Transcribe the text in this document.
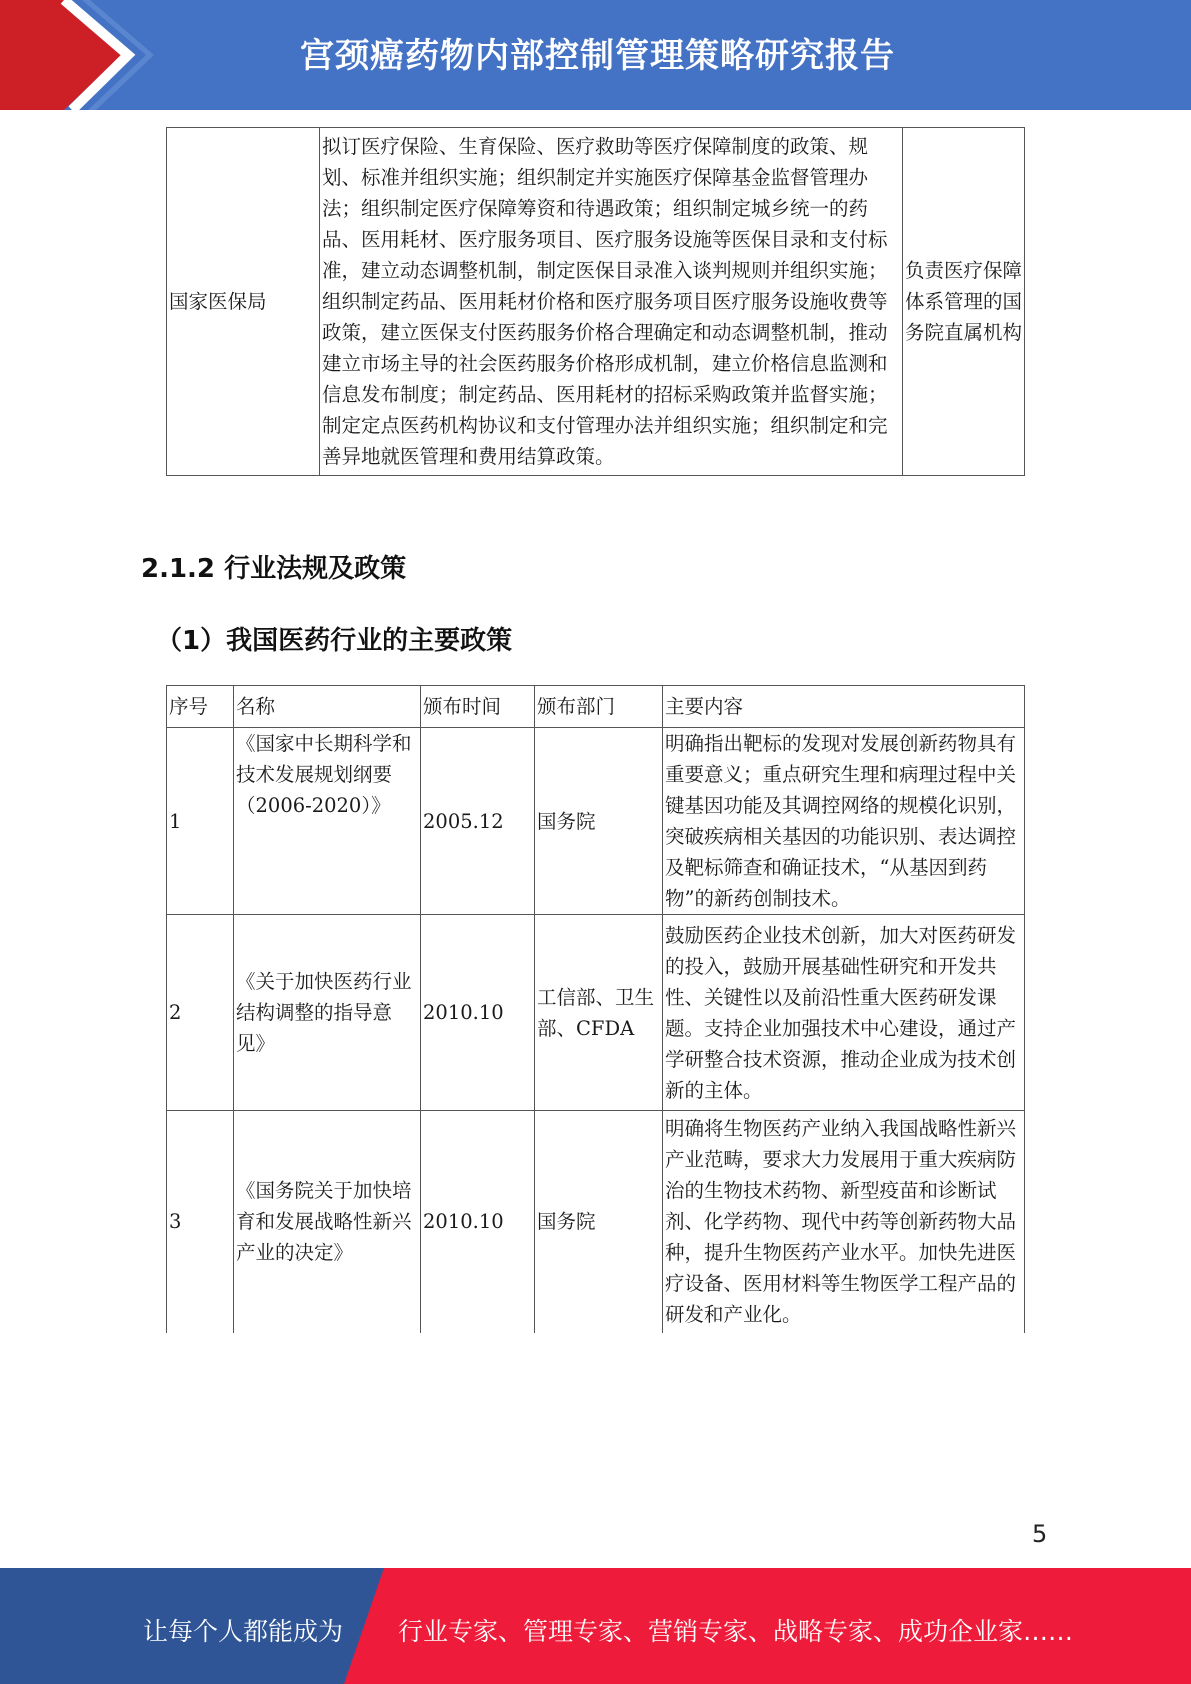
宫颈癌药物内部控制管理策略研究报告
国家医保局	拟订医疗保险、生育保险、医疗救助等医疗保障制度的政策、规划、标准并组织实施；组织制定并实施医疗保障基金监督管理办法；组织制定医疗保障筹资和待遇政策；组织制定城乡统一的药品、医用耗材、医疗服务项目、医疗服务设施等医保目录和支付标准，建立动态调整机制，制定医保目录准入谈判规则并组织实施；组织制定药品、医用耗材价格和医疗服务项目医疗服务设施收费等政策，建立医保支付医药服务价格合理确定和动态调整机制，推动建立市场主导的社会医药服务价格形成机制，建立价格信息监测和信息发布制度；制定药品、医用耗材的招标采购政策并监督实施；制定定点医药机构协议和支付管理办法并组织实施；组织制定和完善异地就医管理和费用结算政策。	负责医疗保障体系管理的国务院直属机构
2.1.2 行业法规及政策
（1）我国医药行业的主要政策
序号	名称	颁布时间	颁布部门	主要内容
1	《国家中长期科学和技术发展规划纲要（2006-2020）》	2005.12	国务院	明确指出靶标的发现对发展创新药物具有重要意义；重点研究生理和病理过程中关键基因功能及其调控网络的规模化识别，突破疾病相关基因的功能识别、表达调控及靶标筛查和确证技术，“从基因到药物”的新药创制技术。
2	《关于加快医药行业结构调整的指导意见》	2010.10	工信部、卫生部、CFDA	鼓励医药企业技术创新，加大对医药研发的投入，鼓励开展基础性研究和开发共性、关键性以及前沿性重大医药研发课题。支持企业加强技术中心建设，通过产学研整合技术资源，推动企业成为技术创新的主体。
3	《国务院关于加快培育和发展战略性新兴产业的决定》	2010.10	国务院	明确将生物医药产业纳入我国战略性新兴产业范畴，要求大力发展用于重大疾病防治的生物技术药物、新型疫苗和诊断试剂、化学药物、现代中药等创新药物大品种，提升生物医药产业水平。加快先进医疗设备、医用材料等生物医学工程产品的研发和产业化。
5
让每个人都能成为 行业专家、管理专家、营销专家、战略专家、成功企业家……
